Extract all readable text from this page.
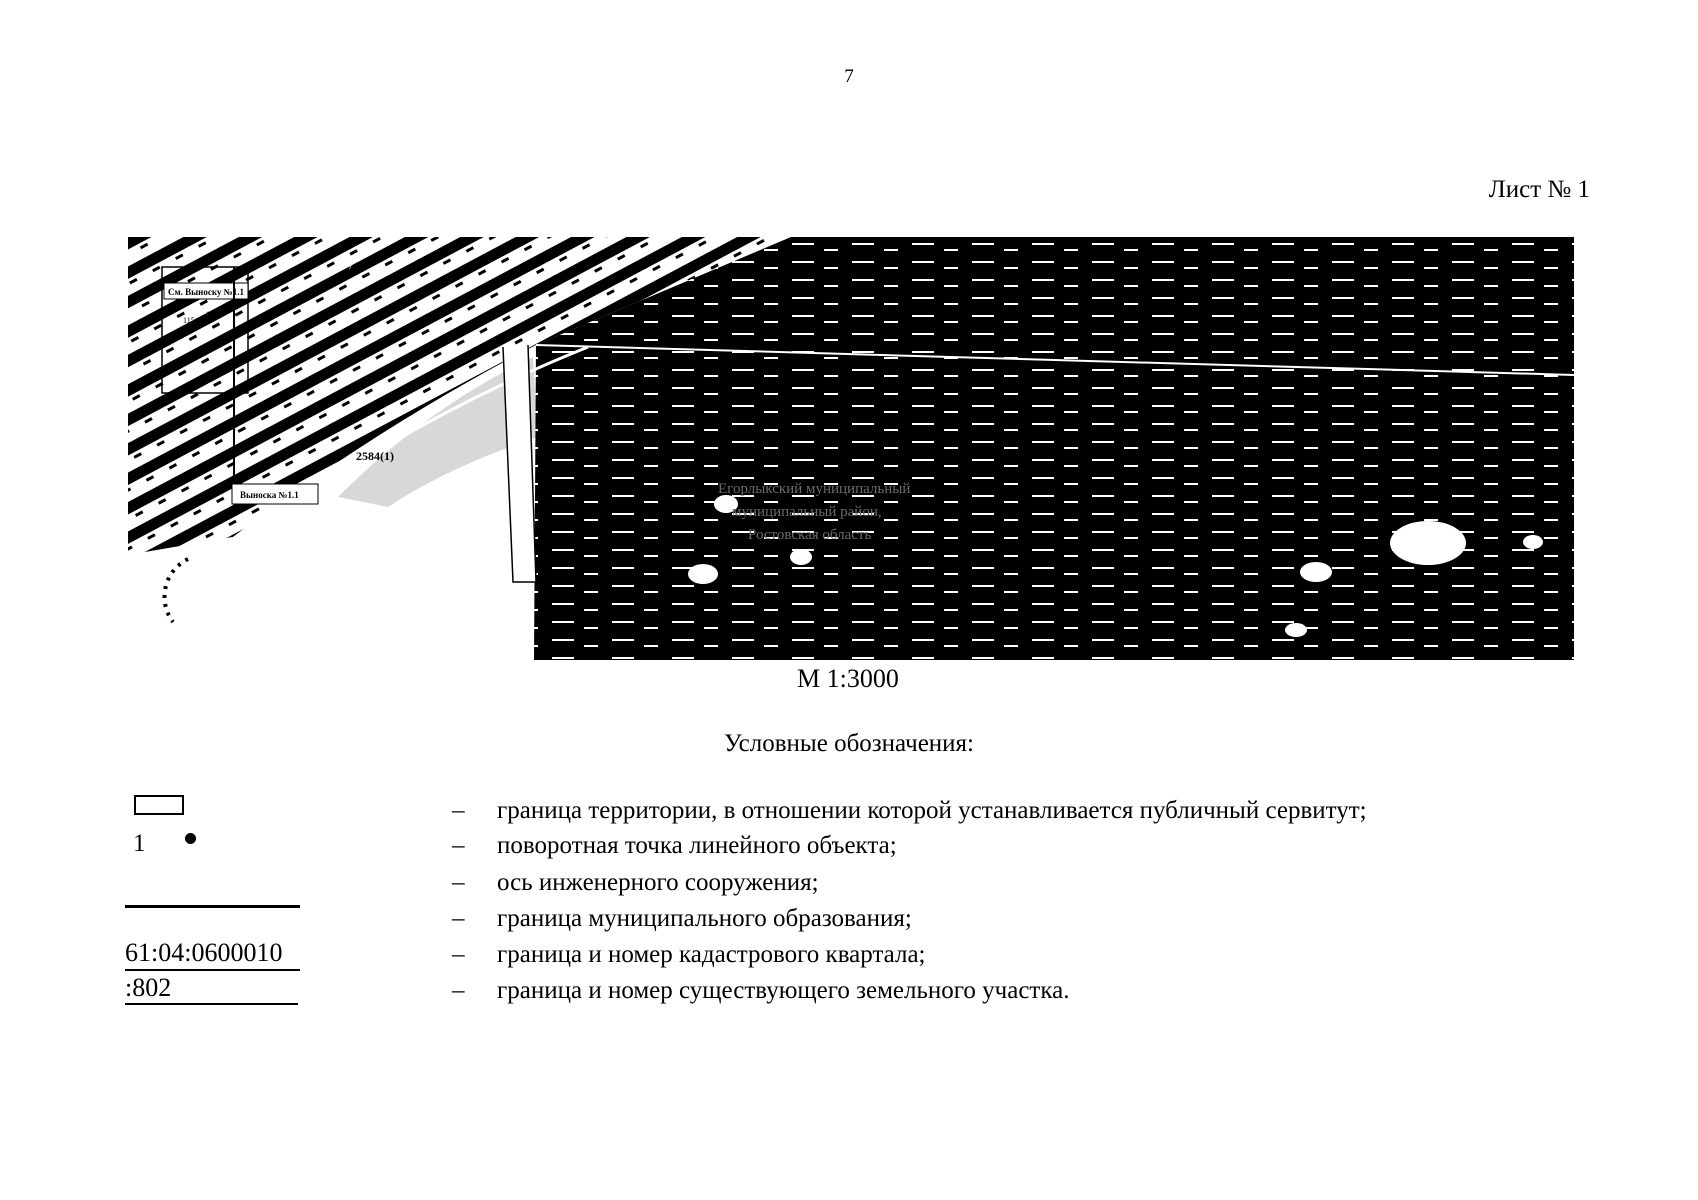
7
Лист № 1
См. Выноску №1.1
115
116
7
Выноска №1.1
2584(1)
Егорлыкский муниципальный
муниципальный район,
Ростовская область
М 1:3000
Условные обозначения:
1
61:04:0600010
:802
– граница территории, в отношении которой устанавливается публичный сервитут;
– поворотная точка линейного объекта;
– ось инженерного сооружения;
– граница муниципального образования;
– граница и номер кадастрового квартала;
– граница и номер существующего земельного участка.
